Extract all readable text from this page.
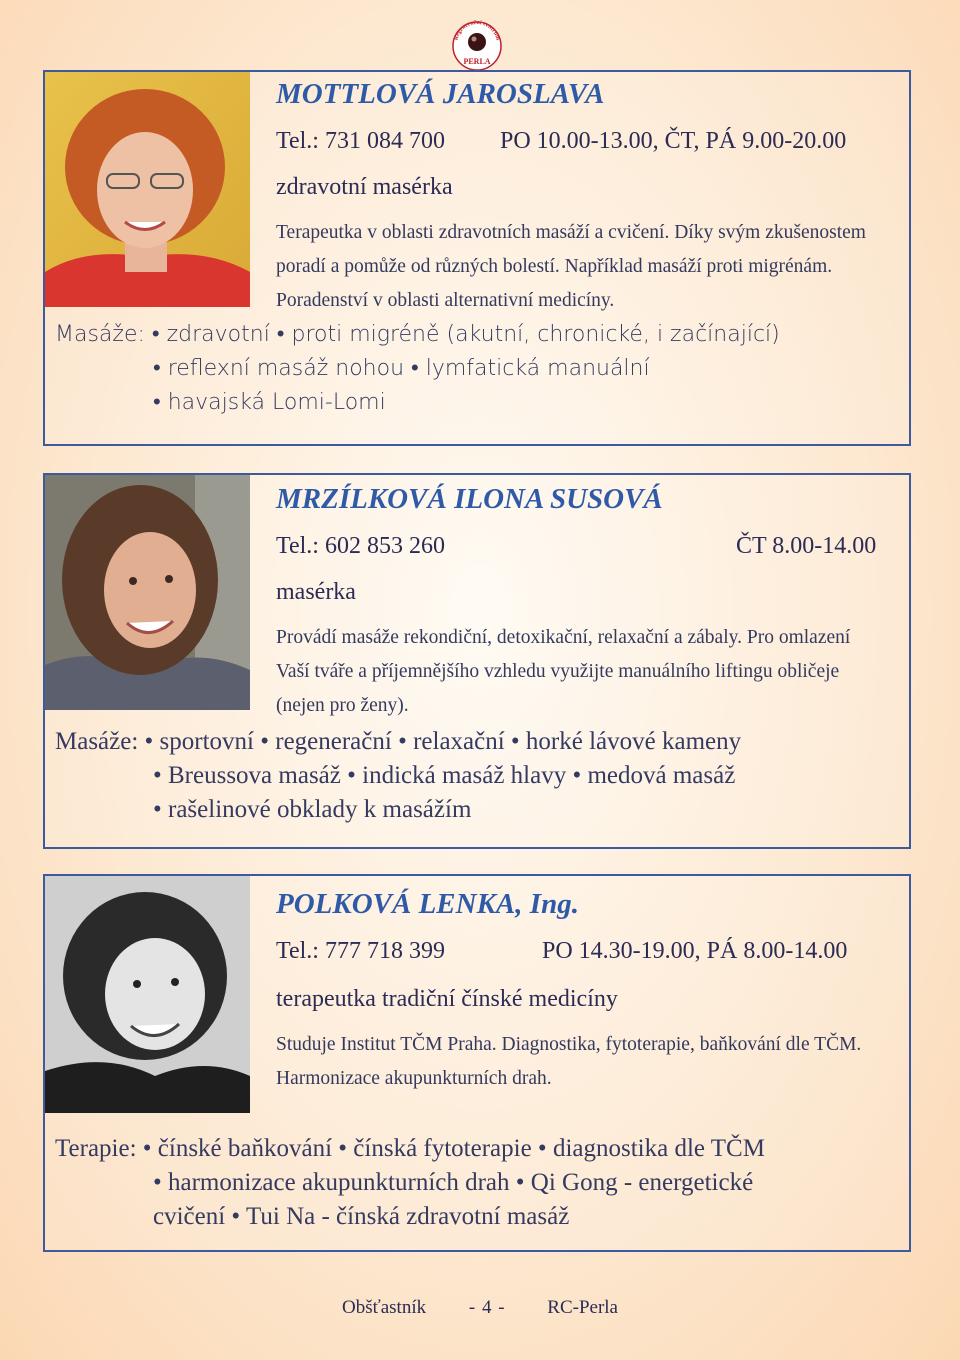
Regenerační centrum
PERLA
MOTTLOVÁ JAROSLAVA
Tel.: 731 084 700 PO 10.00-13.00, ČT, PÁ 9.00-20.00
zdravotní masérka
Terapeutka v oblasti zdravotních masáží a cvičení. Díky svým zkušenostem poradí a pomůže od různých bolestí. Například masáží proti migrénám. Poradenství v oblasti alternativní medicíny.
Masáže: • zdravotní • proti migréně (akutní, chronické, i začínající)
• reflexní masáž nohou • lymfatická manuální
• havajská Lomi-Lomi
MRZÍLKOVÁ ILONA SUSOVÁ
Tel.: 602 853 260	ČT 8.00-14.00
masérka
Provádí masáže rekondiční, detoxikační, relaxační a zábaly. Pro omlazení Vaší tváře a příjemnějšího vzhledu využijte manuálního liftingu obličeje (nejen pro ženy).
Masáže: • sportovní • regenerační • relaxační • horké lávové kameny
• Breussova masáž • indická masáž hlavy • medová masáž
• rašelinové obklady k masážím
POLKOVÁ LENKA, Ing.
Tel.: 777 718 399	PO 14.30-19.00, PÁ 8.00-14.00
terapeutka tradiční čínské medicíny
Studuje Institut TČM Praha. Diagnostika, fytoterapie, baňkování dle TČM. Harmonizace akupunkturních drah.
Terapie: • čínské baňkování • čínská fytoterapie • diagnostika dle TČM
• harmonizace akupunkturních drah • Qi Gong - energetické
cvičení • Tui Na - čínská zdravotní masáž
Obšťastník - 4 - RC-Perla
